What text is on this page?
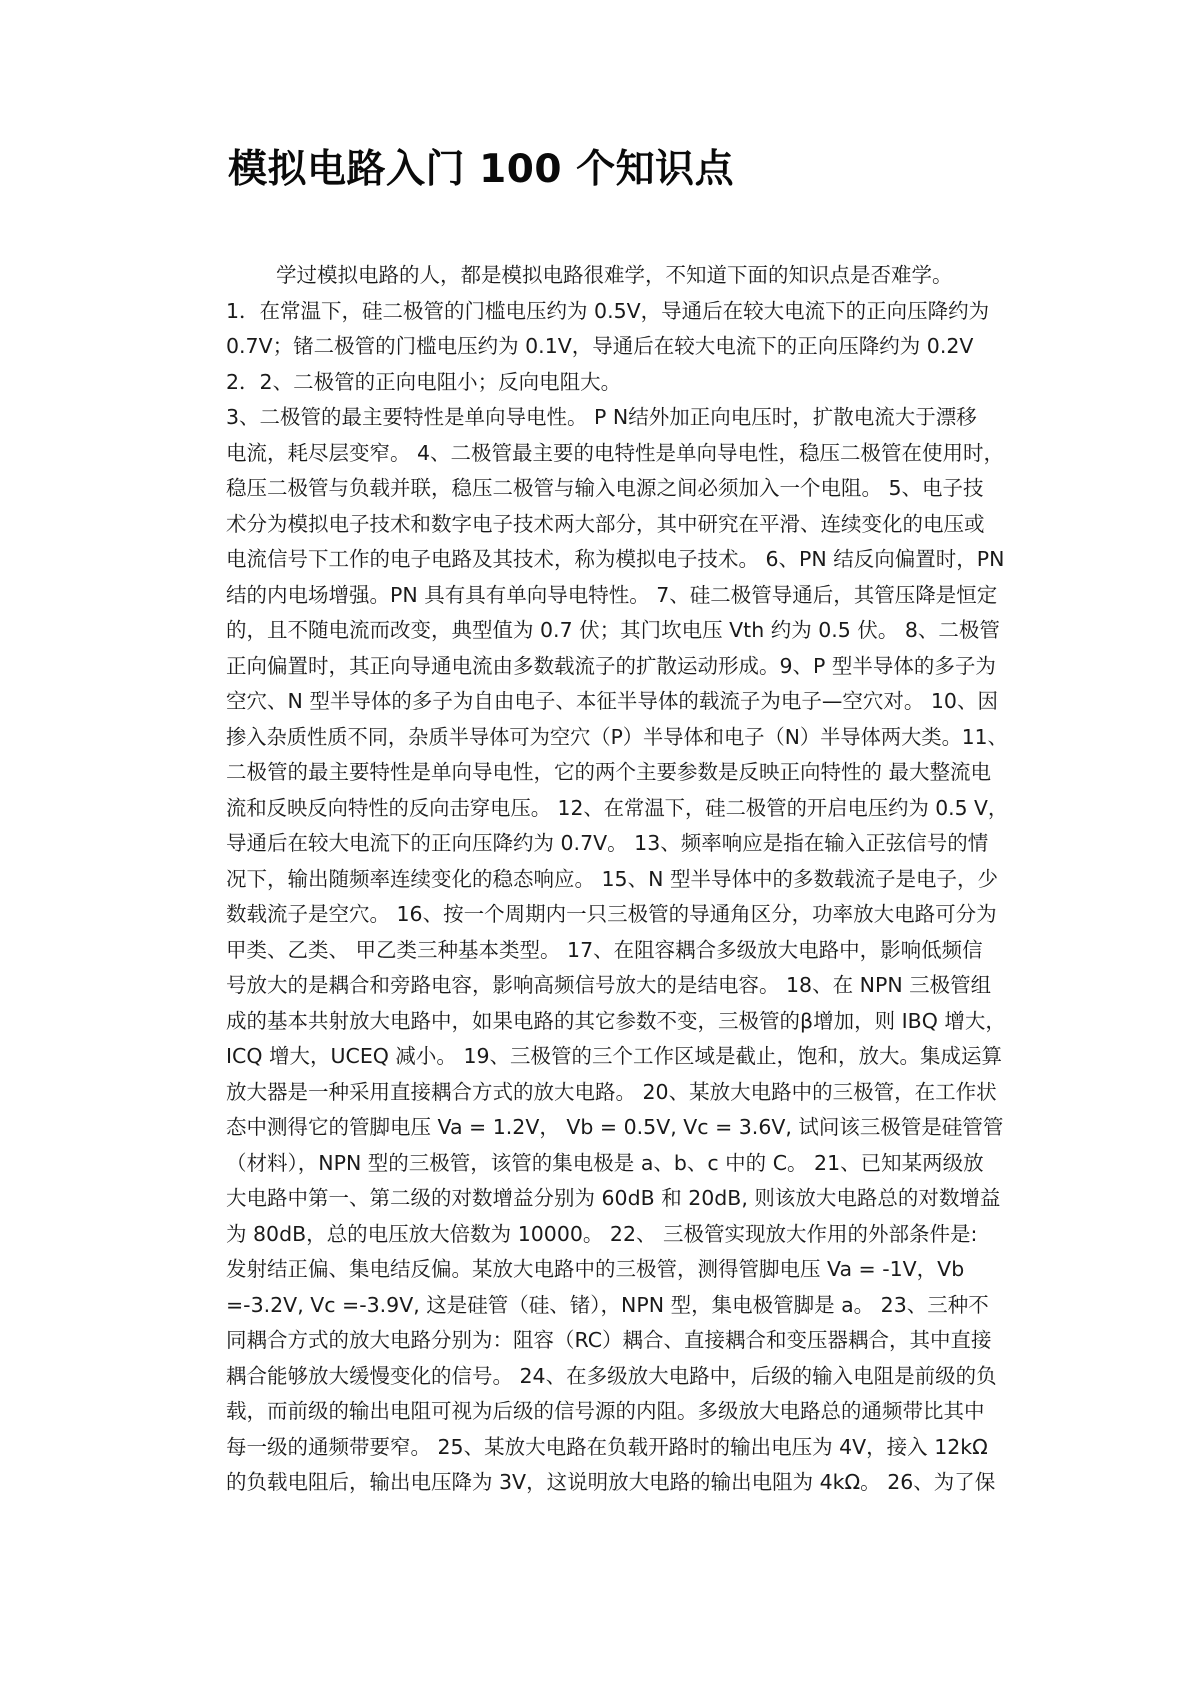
模拟电路入门 100 个知识点
学过模拟电路的人，都是模拟电路很难学，不知道下面的知识点是否难学。
1．在常温下，硅二极管的门槛电压约为 0.5V，导通后在较大电流下的正向压降约为
0.7V；锗二极管的门槛电压约为 0.1V，导通后在较大电流下的正向压降约为 0.2V
2．2、二极管的正向电阻小；反向电阻大。
3、二极管的最主要特性是单向导电性。 P N结外加正向电压时，扩散电流大于漂移
电流，耗尽层变窄。 4、二极管最主要的电特性是单向导电性，稳压二极管在使用时，
稳压二极管与负载并联，稳压二极管与输入电源之间必须加入一个电阻。 5、电子技
术分为模拟电子技术和数字电子技术两大部分，其中研究在平滑、连续变化的电压或
电流信号下工作的电子电路及其技术，称为模拟电子技术。 6、PN 结反向偏置时，PN
结的内电场增强。PN 具有具有单向导电特性。 7、硅二极管导通后，其管压降是恒定
的，且不随电流而改变，典型值为 0.7 伏；其门坎电压 Vth 约为 0.5 伏。 8、二极管
正向偏置时，其正向导通电流由多数载流子的扩散运动形成。9、P 型半导体的多子为
空穴、N 型半导体的多子为自由电子、本征半导体的载流子为电子—空穴对。 10、因
掺入杂质性质不同，杂质半导体可为空穴（P）半导体和电子（N）半导体两大类。11、
二极管的最主要特性是单向导电性，它的两个主要参数是反映正向特性的 最大整流电
流和反映反向特性的反向击穿电压。 12、在常温下，硅二极管的开启电压约为 0.5 V，
导通后在较大电流下的正向压降约为 0.7V。 13、频率响应是指在输入正弦信号的情
况下，输出随频率连续变化的稳态响应。 15、N 型半导体中的多数载流子是电子，少
数载流子是空穴。 16、按一个周期内一只三极管的导通角区分，功率放大电路可分为
甲类、乙类、 甲乙类三种基本类型。 17、在阻容耦合多级放大电路中，影响低频信
号放大的是耦合和旁路电容，影响高频信号放大的是结电容。 18、在 NPN 三极管组
成的基本共射放大电路中，如果电路的其它参数不变，三极管的β增加，则 IBQ 增大，
ICQ 增大，UCEQ 减小。 19、三极管的三个工作区域是截止，饱和，放大。集成运算
放大器是一种采用直接耦合方式的放大电路。 20、某放大电路中的三极管，在工作状
态中测得它的管脚电压 Va = 1.2V， Vb = 0.5V, Vc = 3.6V, 试问该三极管是硅管管
（材料），NPN 型的三极管，该管的集电极是 a、b、c 中的 C。 21、已知某两级放
大电路中第一、第二级的对数增益分别为 60dB 和 20dB, 则该放大电路总的对数增益
为 80dB，总的电压放大倍数为 10000。 22、 三极管实现放大作用的外部条件是:
发射结正偏、集电结反偏。某放大电路中的三极管，测得管脚电压 Va = -1V，Vb
=-3.2V, Vc =-3.9V, 这是硅管（硅、锗），NPN 型，集电极管脚是 a。 23、三种不
同耦合方式的放大电路分别为：阻容（RC）耦合、直接耦合和变压器耦合，其中直接
耦合能够放大缓慢变化的信号。 24、在多级放大电路中，后级的输入电阻是前级的负
载，而前级的输出电阻可视为后级的信号源的内阻。多级放大电路总的通频带比其中
每一级的通频带要窄。 25、某放大电路在负载开路时的输出电压为 4V，接入 12kΩ
的负载电阻后，输出电压降为 3V，这说明放大电路的输出电阻为 4kΩ。 26、为了保
